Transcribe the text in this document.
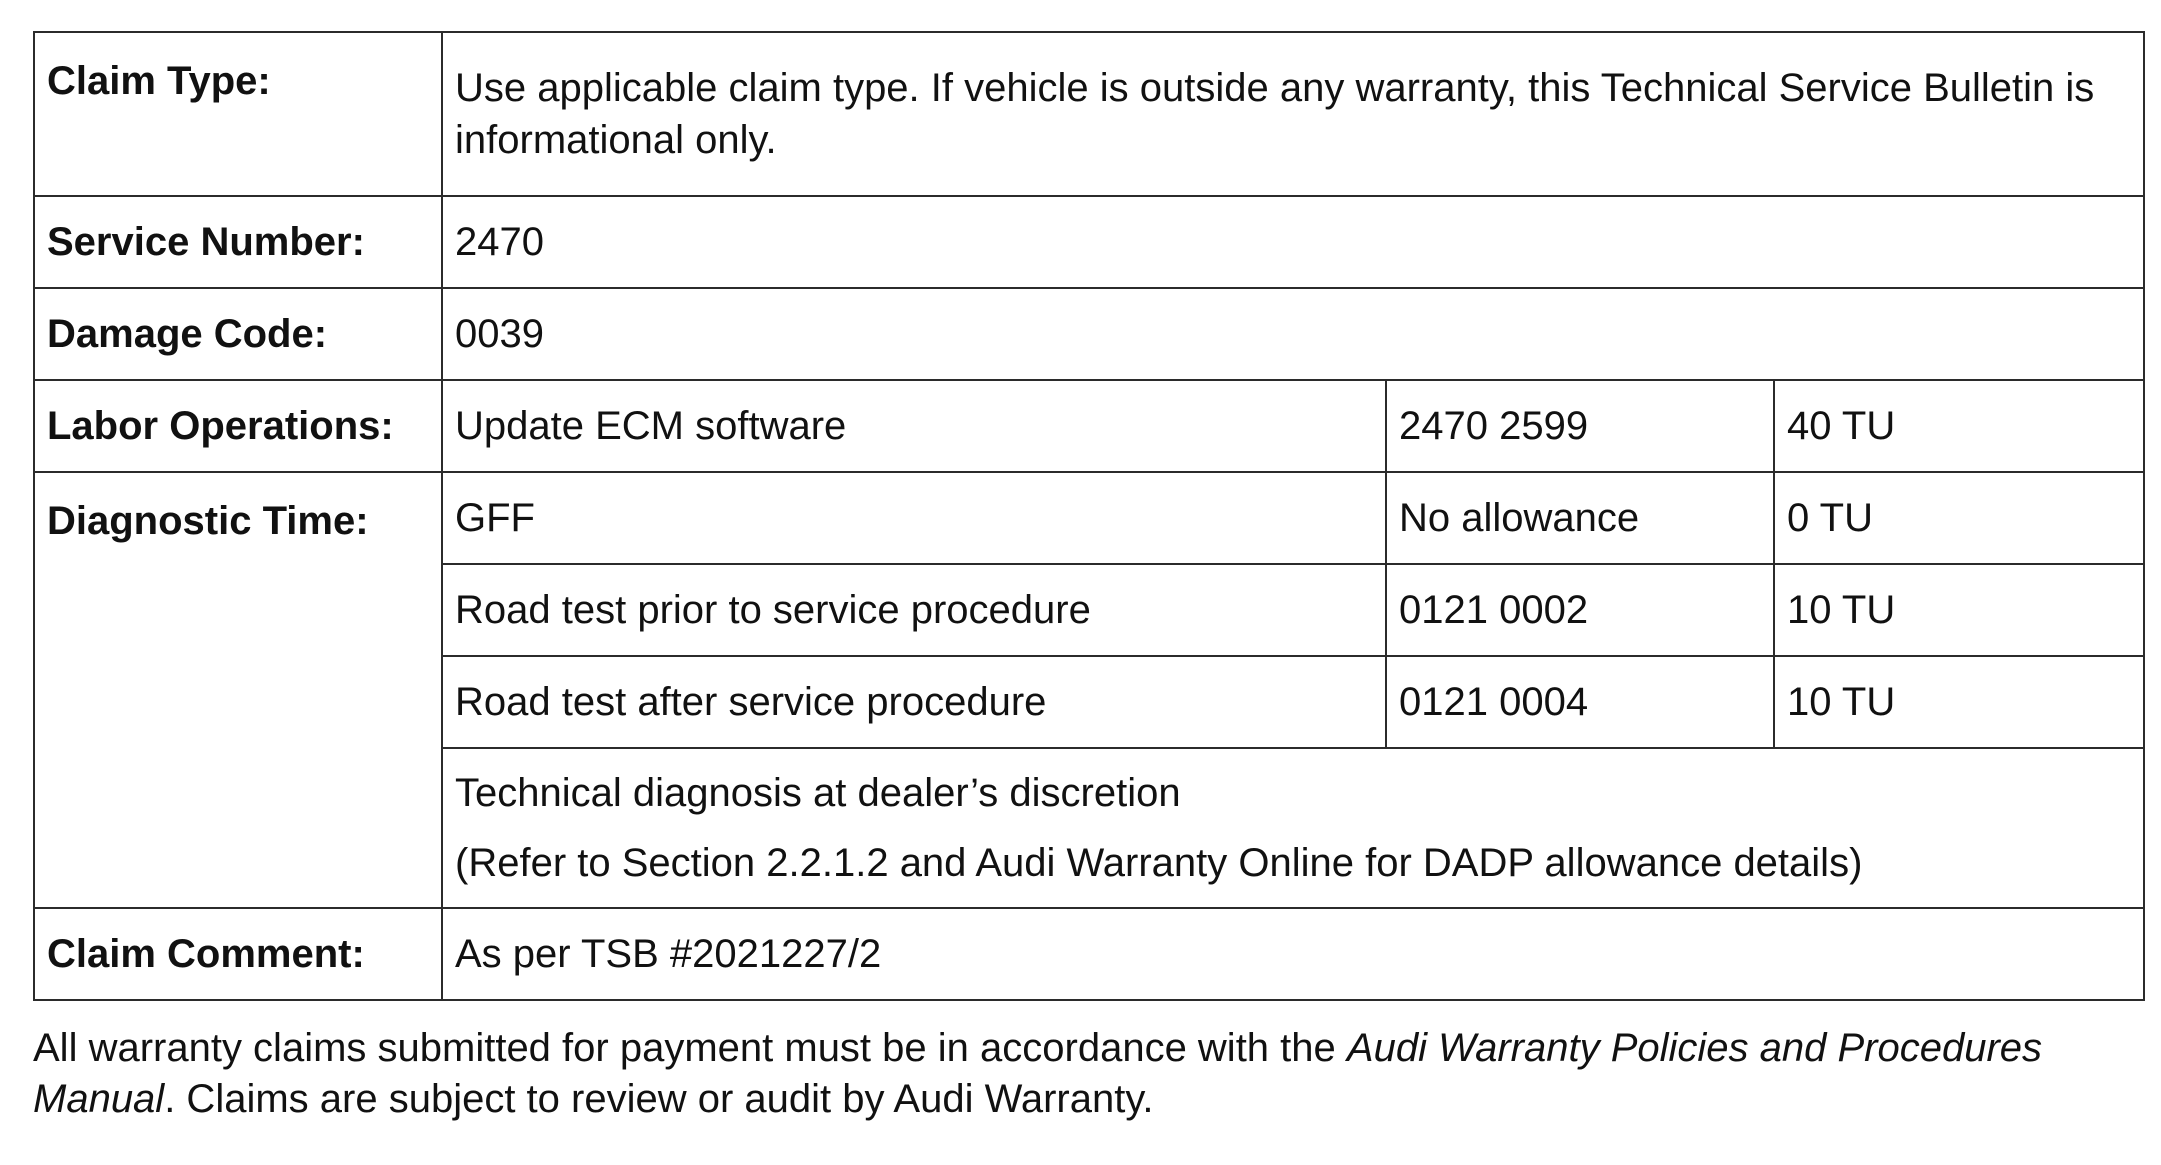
Claim Type:	Use applicable claim type. If vehicle is outside any warranty, this Technical Service Bulletin is informational only.		
Service Number:	2470		
Damage Code:	0039		
Labor Operations:	Update ECM software	2470 2599	40 TU
Diagnostic Time:	GFF	No allowance	0 TU
	Road test prior to service procedure	0121 0002	10 TU
	Road test after service procedure	0121 0004	10 TU

	Technical diagnosis at dealer’s discretion
(Refer to Section 2.2.1.2 and Audi Warranty Online for DADP allowance details)		

Claim Comment:	As per TSB #2021227/2		

All warranty claims submitted for payment must be in accordance with the Audi Warranty Policies and Procedures Manual. Claims are subject to review or audit by Audi Warranty.
